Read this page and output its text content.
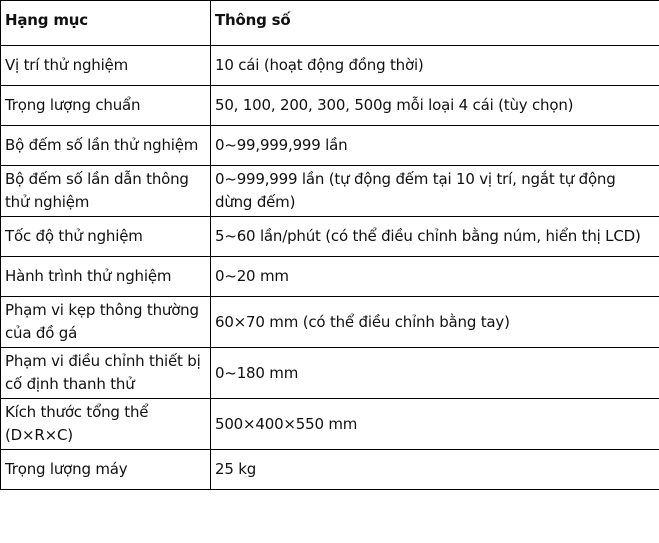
Hạng mục	Thông số
Vị trí thử nghiệm	10 cái (hoạt động đồng thời)
Trọng lượng chuẩn	50, 100, 200, 300, 500g mỗi loại 4 cái (tùy chọn)
Bộ đếm số lần thử nghiệm	0~99,999,999 lần
Bộ đếm số lần dẫn thông thử nghiệm	0~999,999 lần (tự động đếm tại 10 vị trí, ngắt tự động dừng đếm)
Tốc độ thử nghiệm	5~60 lần/phút (có thể điều chỉnh bằng núm, hiển thị LCD)
Hành trình thử nghiệm	0~20 mm
Phạm vi kẹp thông thường của đồ gá	60×70 mm (có thể điều chỉnh bằng tay)
Phạm vi điều chỉnh thiết bị cố định thanh thử	0~180 mm
Kích thước tổng thể (D×R×C)	500×400×550 mm
Trọng lượng máy	25 kg
